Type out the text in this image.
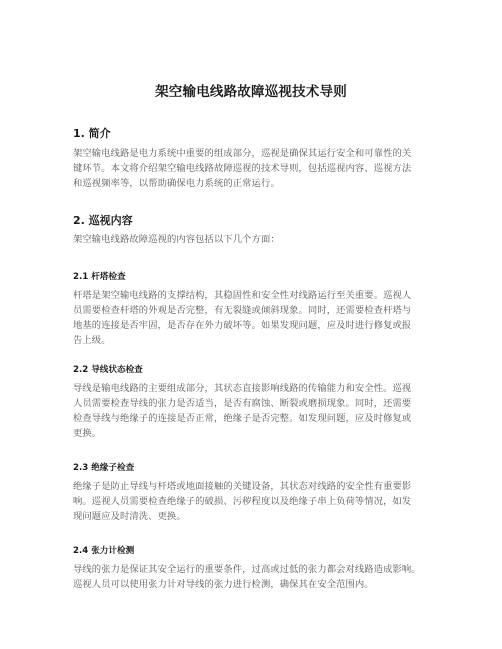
架空输电线路故障巡视技术导则
1. 简介
架空输电线路是电力系统中重要的组成部分，巡视是确保其运行安全和可靠性的关
键环节。本文将介绍架空输电线路故障巡视的技术导则，包括巡视内容、巡视方法
和巡视频率等，以帮助确保电力系统的正常运行。
2. 巡视内容
架空输电线路故障巡视的内容包括以下几个方面：
2.1 杆塔检查
杆塔是架空输电线路的支撑结构，其稳固性和安全性对线路运行至关重要。巡视人
员需要检查杆塔的外观是否完整，有无裂缝或倾斜现象。同时，还需要检查杆塔与
地基的连接是否牢固，是否存在外力破坏等。如果发现问题，应及时进行修复或报
告上级。
2.2 导线状态检查
导线是输电线路的主要组成部分，其状态直接影响线路的传输能力和安全性。巡视
人员需要检查导线的张力是否适当，是否有腐蚀、断裂或磨损现象。同时，还需要
检查导线与绝缘子的连接是否正常，绝缘子是否完整。如发现问题，应及时修复或
更换。
2.3 绝缘子检查
绝缘子是防止导线与杆塔或地面接触的关键设备，其状态对线路的安全性有重要影
响。巡视人员需要检查绝缘子的破损、污秽程度以及绝缘子串上负荷等情况，如发
现问题应及时清洗、更换。
2.4 张力计检测
导线的张力是保证其安全运行的重要条件，过高或过低的张力都会对线路造成影响。
巡视人员可以使用张力计对导线的张力进行检测，确保其在安全范围内。
